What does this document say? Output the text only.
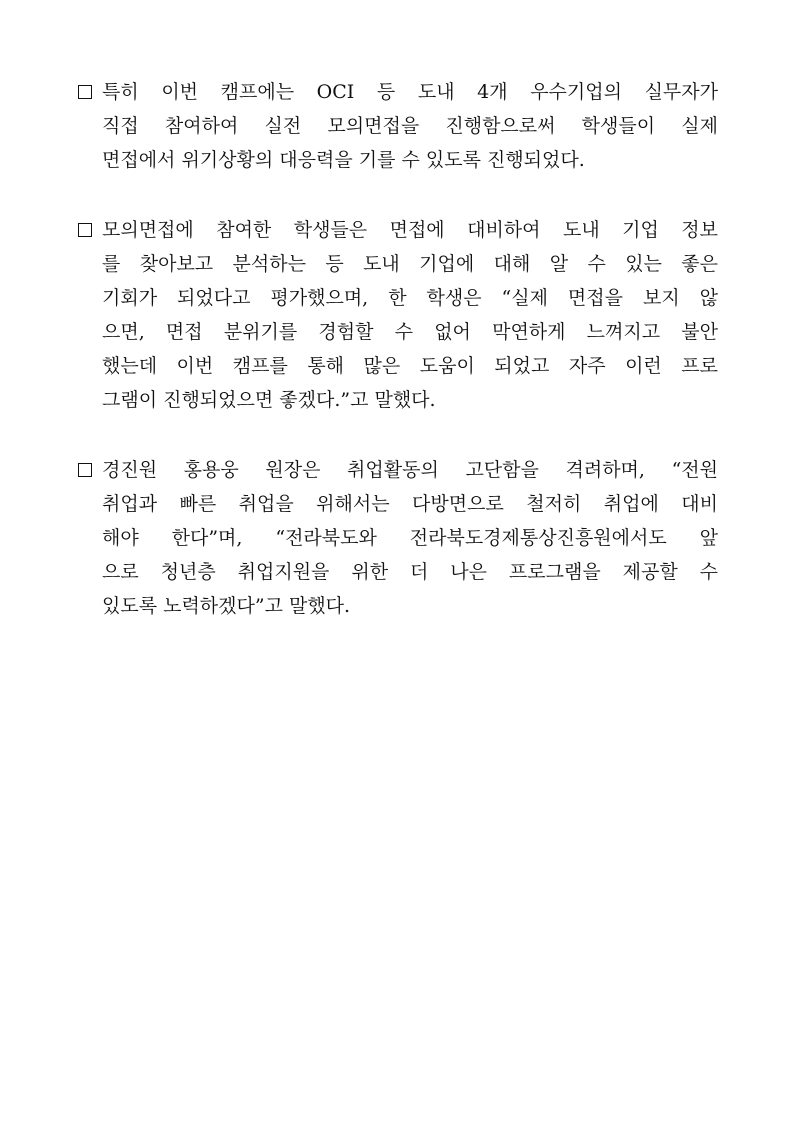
특히 이번 캠프에는 OCI 등 도내 4개 우수기업의 실무자가
직접 참여하여 실전 모의면접을 진행함으로써 학생들이 실제
면접에서 위기상황의 대응력을 기를 수 있도록 진행되었다.
모의면접에 참여한 학생들은 면접에 대비하여 도내 기업 정보
를 찾아보고 분석하는 등 도내 기업에 대해 알 수 있는 좋은
기회가 되었다고 평가했으며, 한 학생은 “실제 면접을 보지 않
으면, 면접 분위기를 경험할 수 없어 막연하게 느껴지고 불안
했는데 이번 캠프를 통해 많은 도움이 되었고 자주 이런 프로
그램이 진행되었으면 좋겠다.”고 말했다.
경진원 홍용웅 원장은 취업활동의 고단함을 격려하며, “전원
취업과 빠른 취업을 위해서는 다방면으로 철저히 취업에 대비
해야 한다”며, “전라북도와 전라북도경제통상진흥원에서도 앞
으로 청년층 취업지원을 위한 더 나은 프로그램을 제공할 수
있도록 노력하겠다”고 말했다.
